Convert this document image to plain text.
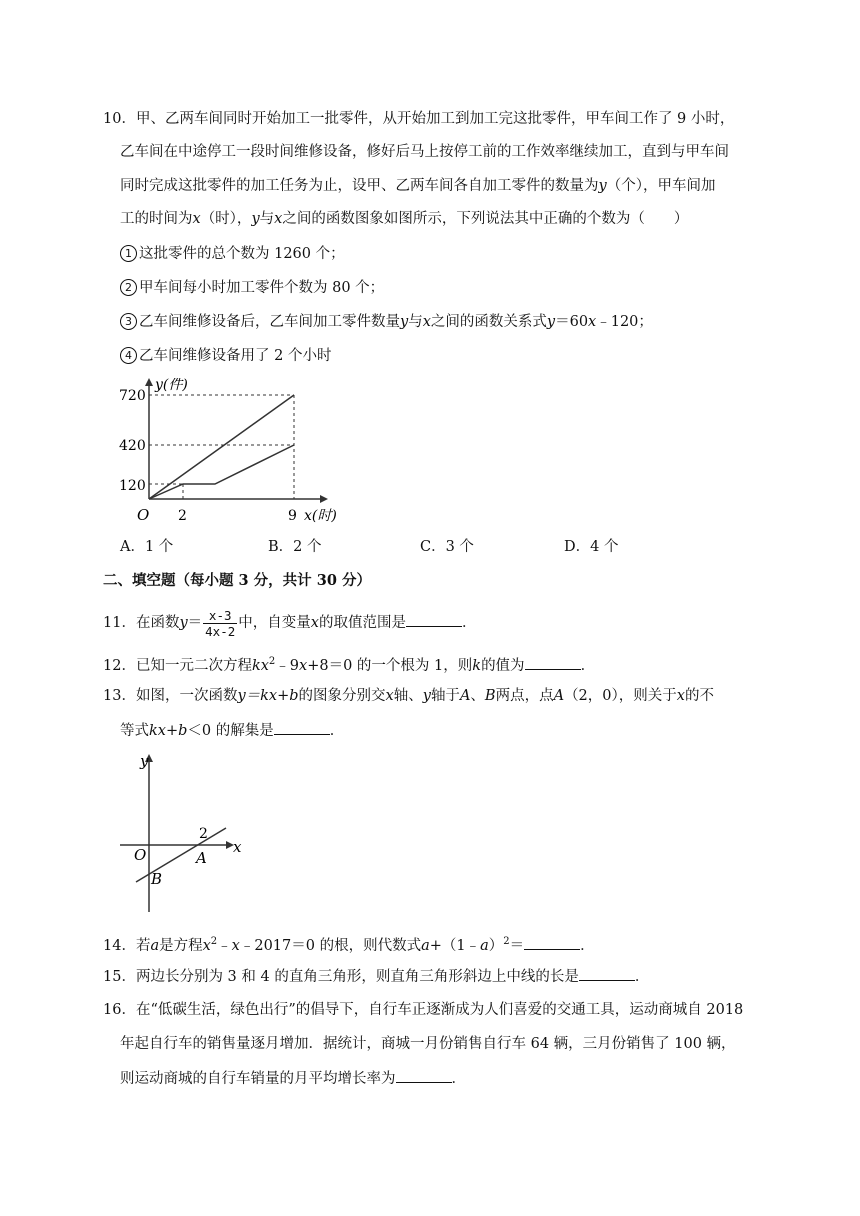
10．甲、乙两车间同时开始加工一批零件，从开始加工到加工完这批零件，甲车间工作了 9 小时，
乙车间在中途停工一段时间维修设备，修好后马上按停工前的工作效率继续加工，直到与甲车间
同时完成这批零件的加工任务为止，设甲、乙两车间各自加工零件的数量为y（个），甲车间加
工的时间为x（时），y与x之间的函数图象如图所示，下列说法其中正确的个数为（　　）
1 这批零件的总个数为 1260 个；
2 甲车间每小时加工零件个数为 80 个；
3 乙车间维修设备后，乙车间加工零件数量y与x之间的函数关系式y＝60x﹣120；
4 乙车间维修设备用了 2 个小时
y(件)
720
420
120
O 2	9 x(时)
A．1 个	B．2 个	C．3 个	D．4 个
二、填空题（每小题 3 分，共计 30 分）
11．在函数$y= \frac{x-3}{4x-2}$ 中，自变量x的取值范围是	．
12．已知一元二次方程$kx^2﹣9x+8=0$ 的一个根为 1，则k的值为	．
13．如图，一次函数y＝kx+b的图象分别交x轴、y轴于A、B两点，点A（2，0），则关于x的不
等式kx+b＜0 的解集是	．
y
x
O
2
A
B
14．若a是方程$x^2﹣x﹣2017=0$ 的根，则代数式a+（1﹣a）$^2$＝	．
15．两边长分别为 3 和 4 的直角三角形，则直角三角形斜边上中线的长是	．
16．在“低碳生活，绿色出行”的倡导下，自行车正逐渐成为人们喜爱的交通工具，运动商城自 2018
年起自行车的销售量逐月增加．据统计，商城一月份销售自行车 64 辆，三月份销售了 100 辆，
则运动商城的自行车销量的月平均增长率为	．
